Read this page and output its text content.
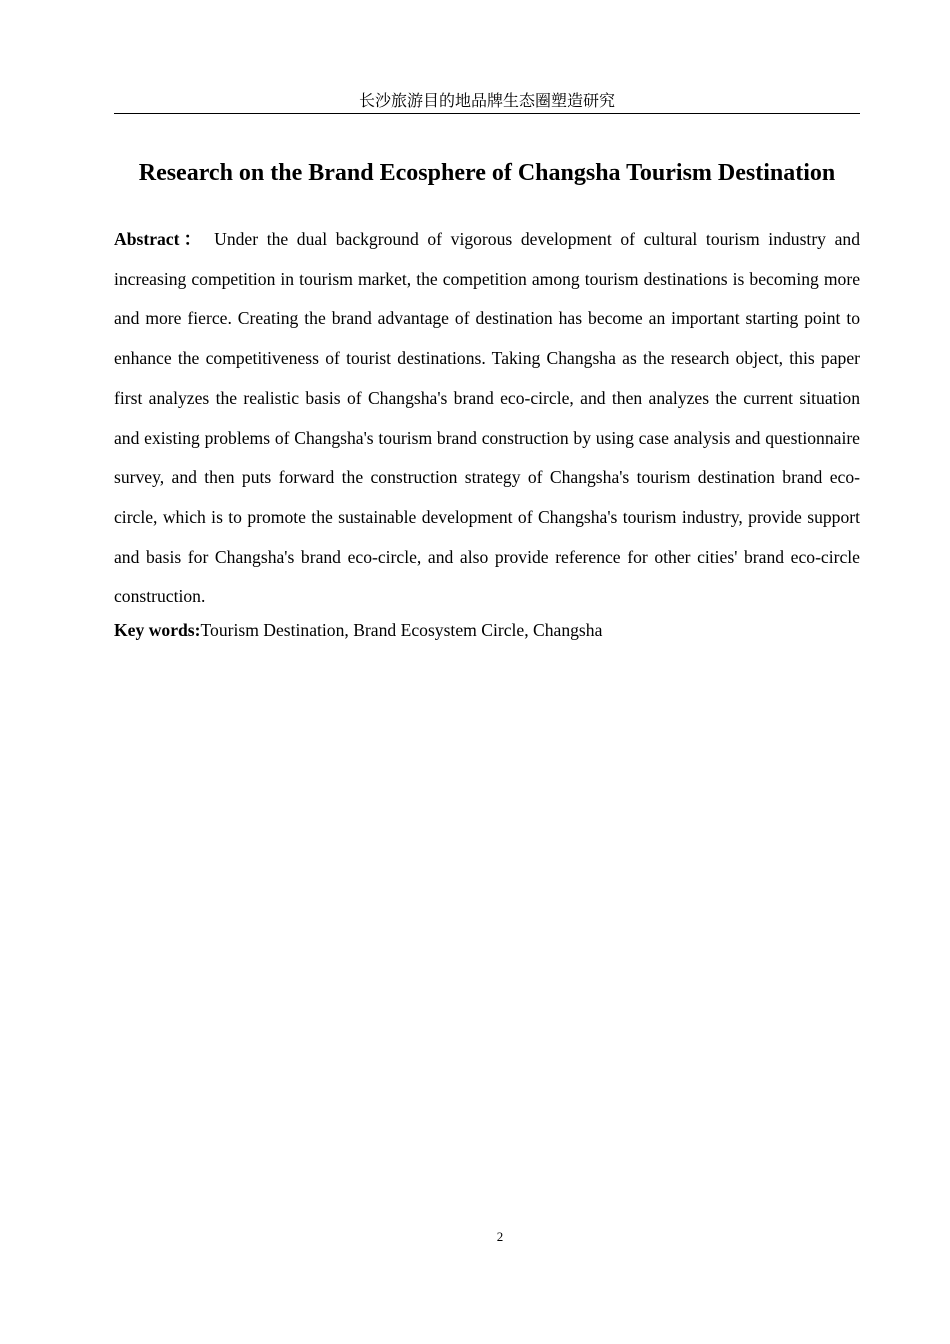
长沙旅游目的地品牌生态圈塑造研究
Research on the Brand Ecosphere of Changsha Tourism Destination

Abstract： Under the dual background of vigorous development of cultural tourism industry and increasing competition in tourism market, the competition among tourism destinations is becoming more and more fierce. Creating the brand advantage of destination has become an important starting point to enhance the competitiveness of tourist destinations. Taking Changsha as the research object, this paper first analyzes the realistic basis of Changsha's brand eco-circle, and then analyzes the current situation and existing problems of Changsha's tourism brand construction by using case analysis and questionnaire survey, and then puts forward the construction strategy of Changsha's tourism destination brand eco-circle, which is to promote the sustainable development of Changsha's tourism industry, provide support and basis for Changsha's brand eco-circle, and also provide reference for other cities' brand eco-circle construction.

Key words:Tourism Destination, Brand Ecosystem Circle, Changsha

2
